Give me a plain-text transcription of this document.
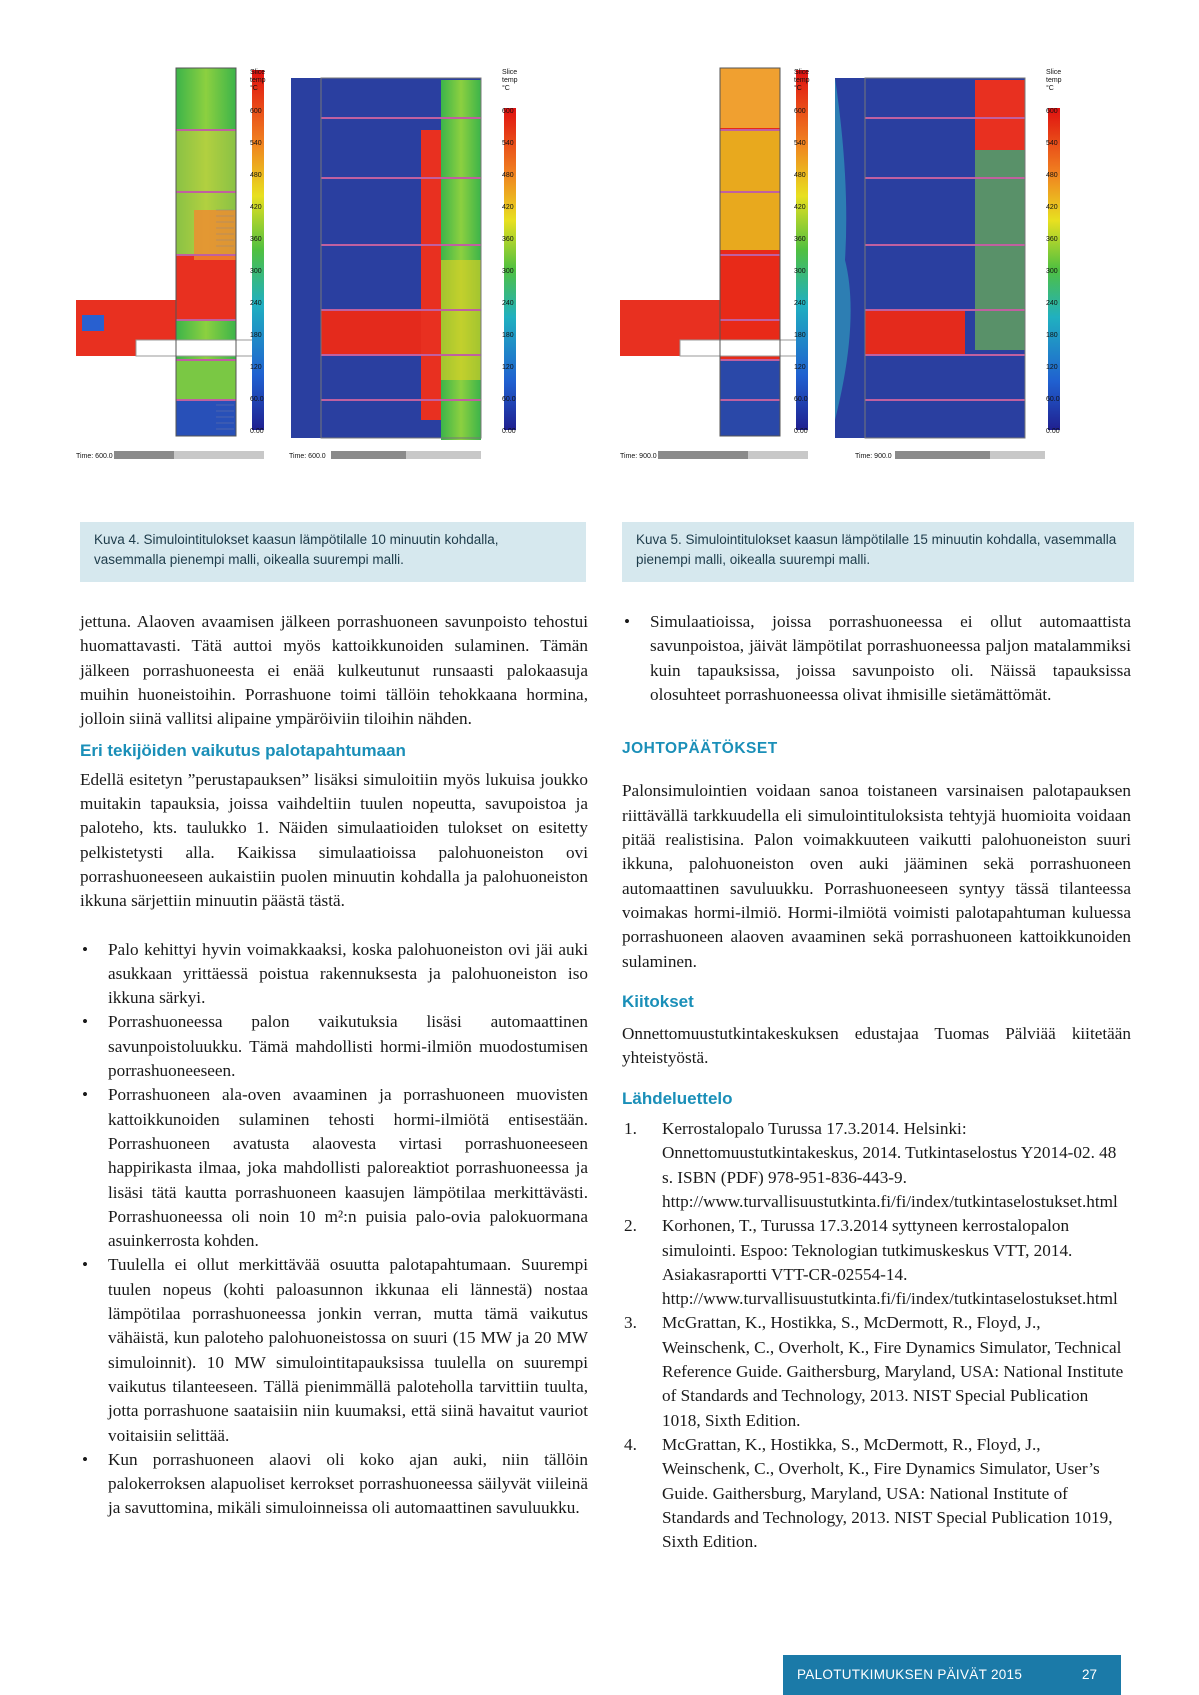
Slice
temp
°C
600
540
480
420
360
300
240
180
120
60.0
0.00
Slice
temp
°C
600
540
480
420
360
300
240
180
120
60.0
0.00
Time: 600.0	Time: 600.0
Slice
temp
°C
600
540
480
420
360
300
240
180
120
60.0
0.00
Slice
temp
°C
600
540
480
420
360
300
240
180
120
60.0
0.00
Time: 900.0	Time: 900.0
Kuva 4. Simulointitulokset kaasun lämpötilalle 10 minuutin kohdalla, vasemmalla pienempi malli, oikealla suurempi malli.
Kuva 5. Simulointitulokset kaasun lämpötilalle 15 minuutin kohdalla, vasemmalla pienempi malli, oikealla suurempi malli.

jettuna. Alaoven avaamisen jälkeen porrashuoneen savunpoisto tehostui huomattavasti. Tätä auttoi myös kattoikkunoiden sulaminen. Tämän jälkeen porrashuoneesta ei enää kulkeutunut runsaasti palokaasuja muihin huoneistoihin. Porrashuone toimi tällöin tehokkaana hormina, jolloin siinä vallitsi alipaine ympäröiviin tiloihin nähden.

Eri tekijöiden vaikutus palotapahtumaan

Edellä esitetyn ”perustapauksen” lisäksi simuloitiin myös lukuisa joukko muitakin tapauksia, joissa vaihdeltiin tuulen nopeutta, savupoistoa ja paloteho, kts. taulukko 1. Näiden simulaatioiden tulokset on esitetty pelkistetysti alla. Kaikissa simulaatioissa palohuoneiston ovi porrashuoneeseen aukaistiin puolen minuutin kohdalla ja palohuoneiston ikkuna särjettiin minuutin päästä tästä.

• Palo kehittyi hyvin voimakkaaksi, koska palohuoneiston ovi jäi auki asukkaan yrittäessä poistua rakennuksesta ja palohuoneiston iso ikkuna särkyi.
• Porrashuoneessa palon vaikutuksia lisäsi automaattinen savunpoistoluukku. Tämä mahdollisti hormi-ilmiön muodostumisen porrashuoneeseen.
• Porrashuoneen ala-oven avaaminen ja porrashuoneen muovisten kattoikkunoiden sulaminen tehosti hormi-ilmiötä entisestään. Porrashuoneen avatusta alaovesta virtasi porrashuoneeseen happirikasta ilmaa, joka mahdollisti paloreaktiot porrashuoneessa ja lisäsi tätä kautta porrashuoneen kaasujen lämpötilaa merkittävästi. Porrashuoneessa oli noin 10 m²:n puisia palo-ovia palokuormana asuinkerrosta kohden.
• Tuulella ei ollut merkittävää osuutta palotapahtumaan. Suurempi tuulen nopeus (kohti paloasunnon ikkunaa eli lännestä) nostaa lämpötilaa porrashuoneessa jonkin verran, mutta tämä vaikutus vähäistä, kun paloteho palohuoneistossa on suuri (15 MW ja 20 MW simuloinnit). 10 MW simulointitapauksissa tuulella on suurempi vaikutus tilanteeseen. Tällä pienimmällä paloteholla tarvittiin tuulta, jotta porrashuone saataisiin niin kuumaksi, että siinä havaitut vauriot voitaisiin selittää.
• Kun porrashuoneen alaovi oli koko ajan auki, niin tällöin palokerroksen alapuoliset kerrokset porrashuoneessa säilyvät viileinä ja savuttomina, mikäli simuloinneissa oli automaattinen savuluukku.
• Simulaatioissa, joissa porrashuoneessa ei ollut automaattista savunpoistoa, jäivät lämpötilat porrashuoneessa paljon matalammiksi kuin tapauksissa, joissa savunpoisto oli. Näissä tapauksissa olosuhteet porrashuoneessa olivat ihmisille sietämättömät.

JOHTOPÄÄTÖKSET

Palonsimulointien voidaan sanoa toistaneen varsinaisen palotapauksen riittävällä tarkkuudella eli simulointituloksista tehtyjä huomioita voidaan pitää realistisina. Palon voimakkuuteen vaikutti palohuoneiston suuri ikkuna, palohuoneiston oven auki jääminen sekä porrashuoneen automaattinen savuluukku. Porrashuoneeseen syntyy tässä tilanteessa voimakas hormi-ilmiö. Hormi-ilmiötä voimisti palotapahtuman kuluessa porrashuoneen alaoven avaaminen sekä porrashuoneen kattoikkunoiden sulaminen.

Kiitokset

Onnettomuustutkintakeskuksen edustajaa Tuomas Pälviää kiitetään yhteistyöstä.

Lähdeluettelo

1. Kerrostalopalo Turussa 17.3.2014. Helsinki: Onnettomuustutkintakeskus, 2014. Tutkintaselostus Y2014-02. 48 s. ISBN (PDF) 978-951-836-443-9. http://www.turvallisuustutkinta.fi/fi/index/tutkintaselostukset.html
2. Korhonen, T., Turussa 17.3.2014 syttyneen kerrostalopalon simulointi. Espoo: Teknologian tutkimuskeskus VTT, 2014. Asiakasraportti VTT-CR-02554-14. http://www.turvallisuustutkinta.fi/fi/index/tutkintaselostukset.html
3. McGrattan, K., Hostikka, S., McDermott, R., Floyd, J., Weinschenk, C., Overholt, K., Fire Dynamics Simulator, Technical Reference Guide. Gaithersburg, Maryland, USA: National Institute of Standards and Technology, 2013. NIST Special Publication 1018, Sixth Edition.
4. McGrattan, K., Hostikka, S., McDermott, R., Floyd, J., Weinschenk, C., Overholt, K., Fire Dynamics Simulator, User’s Guide. Gaithersburg, Maryland, USA: National Institute of Standards and Technology, 2013. NIST Special Publication 1019, Sixth Edition.
PALOTUTKIMUKSEN PÄIVÄT 2015	27
